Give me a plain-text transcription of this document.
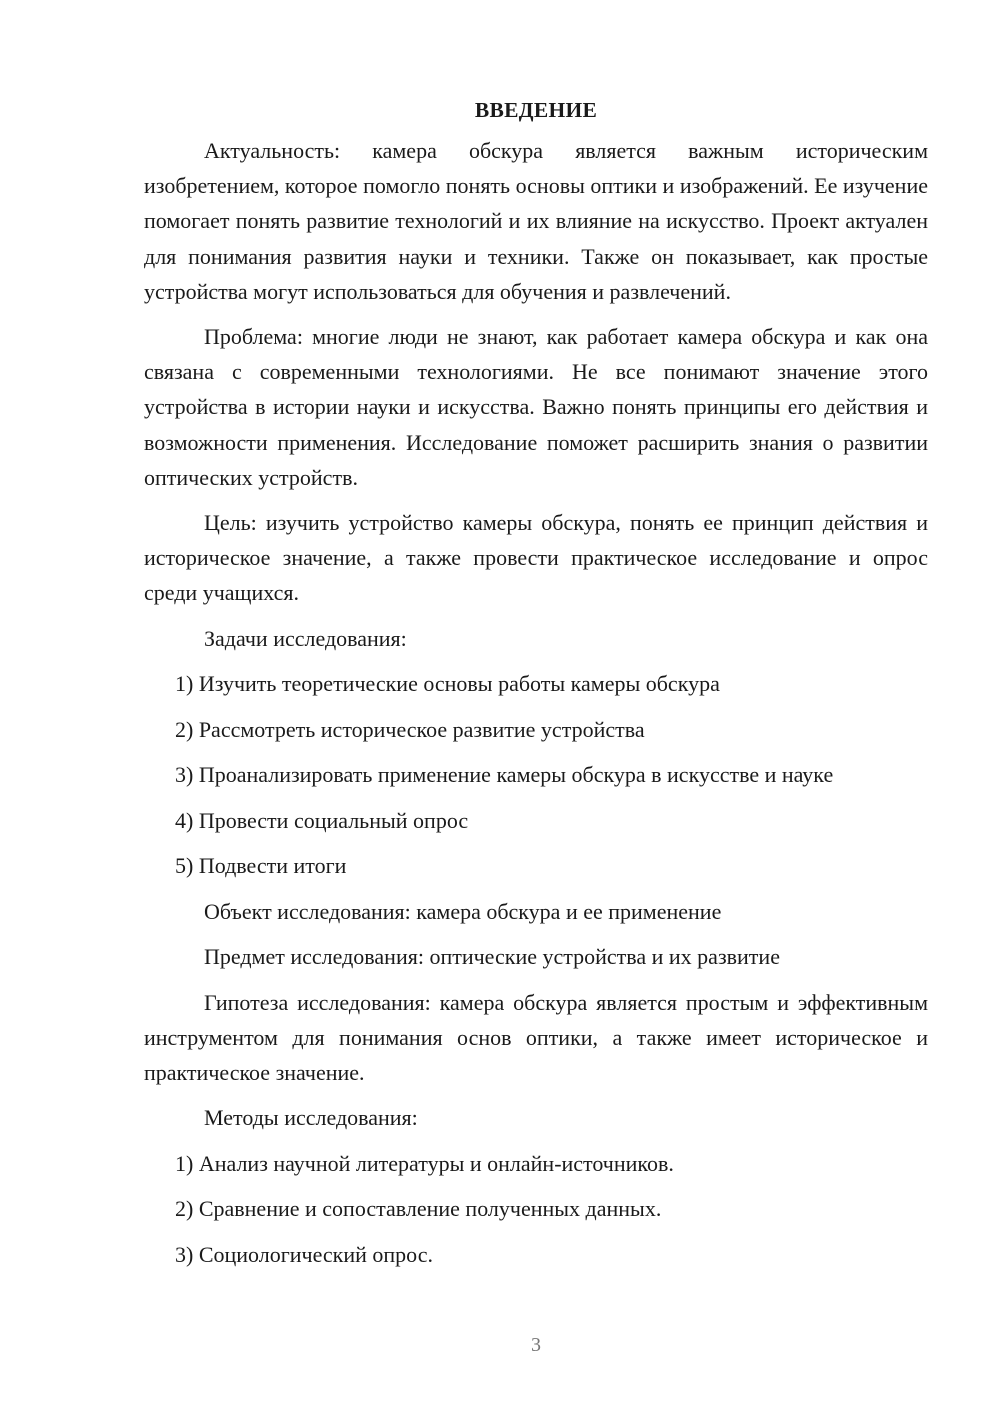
ВВЕДЕНИЕ

Актуальность: камера обскура является важным историческим изобретением, которое помогло понять основы оптики и изображений. Ее изучение помогает понять развитие технологий и их влияние на искусство. Проект актуален для понимания развития науки и техники. Также он показывает, как простые устройства могут использоваться для обучения и развлечений.

Проблема: многие люди не знают, как работает камера обскура и как она связана с современными технологиями. Не все понимают значение этого устройства в истории науки и искусства. Важно понять принципы его действия и возможности применения. Исследование поможет расширить знания о развитии оптических устройств.

Цель: изучить устройство камеры обскура, понять ее принцип действия и историческое значение, а также провести практическое исследование и опрос среди учащихся.

Задачи исследования:

1) Изучить теоретические основы работы камеры обскура
2) Рассмотреть историческое развитие устройства
3) Проанализировать применение камеры обскура в искусстве и науке
4) Провести социальный опрос
5) Подвести итоги

Объект исследования: камера обскура и ее применение

Предмет исследования: оптические устройства и их развитие

Гипотеза исследования: камера обскура является простым и эффективным инструментом для понимания основ оптики, а также имеет историческое и практическое значение.

Методы исследования:

1) Анализ научной литературы и онлайн-источников.
2) Сравнение и сопоставление полученных данных.
3) Социологический опрос.
3
